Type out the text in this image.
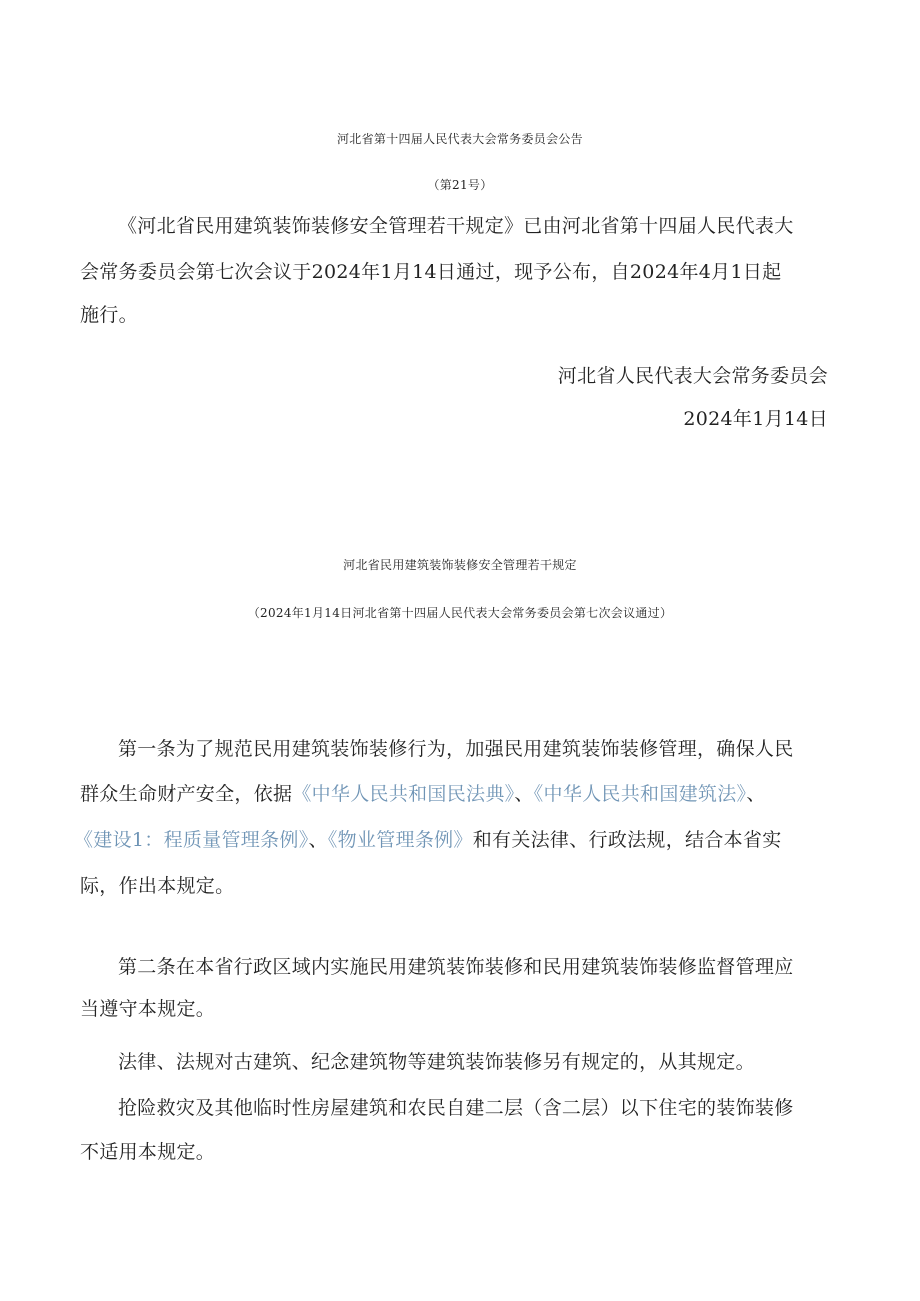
河北省第十四届人民代表大会常务委员会公告
（第21号）
《河北省民用建筑装饰装修安全管理若干规定》已由河北省第十四届人民代表大
会常务委员会第七次会议于2024年1月14日通过，现予公布，自2024年4月1日起
施行。
河北省人民代表大会常务委员会
2024年1月14日
河北省民用建筑装饰装修安全管理若干规定
（2024年1月14日河北省第十四届人民代表大会常务委员会第七次会议通过）
第一条为了规范民用建筑装饰装修行为，加强民用建筑装饰装修管理，确保人民
群众生命财产安全，依据《中华人民共和国民法典》、《中华人民共和国建筑法》、
《建设1：程质量管理条例》、《物业管理条例》和有关法律、行政法规，结合本省实
际，作出本规定。
第二条在本省行政区域内实施民用建筑装饰装修和民用建筑装饰装修监督管理应
当遵守本规定。
法律、法规对古建筑、纪念建筑物等建筑装饰装修另有规定的，从其规定。
抢险救灾及其他临时性房屋建筑和农民自建二层（含二层）以下住宅的装饰装修
不适用本规定。
